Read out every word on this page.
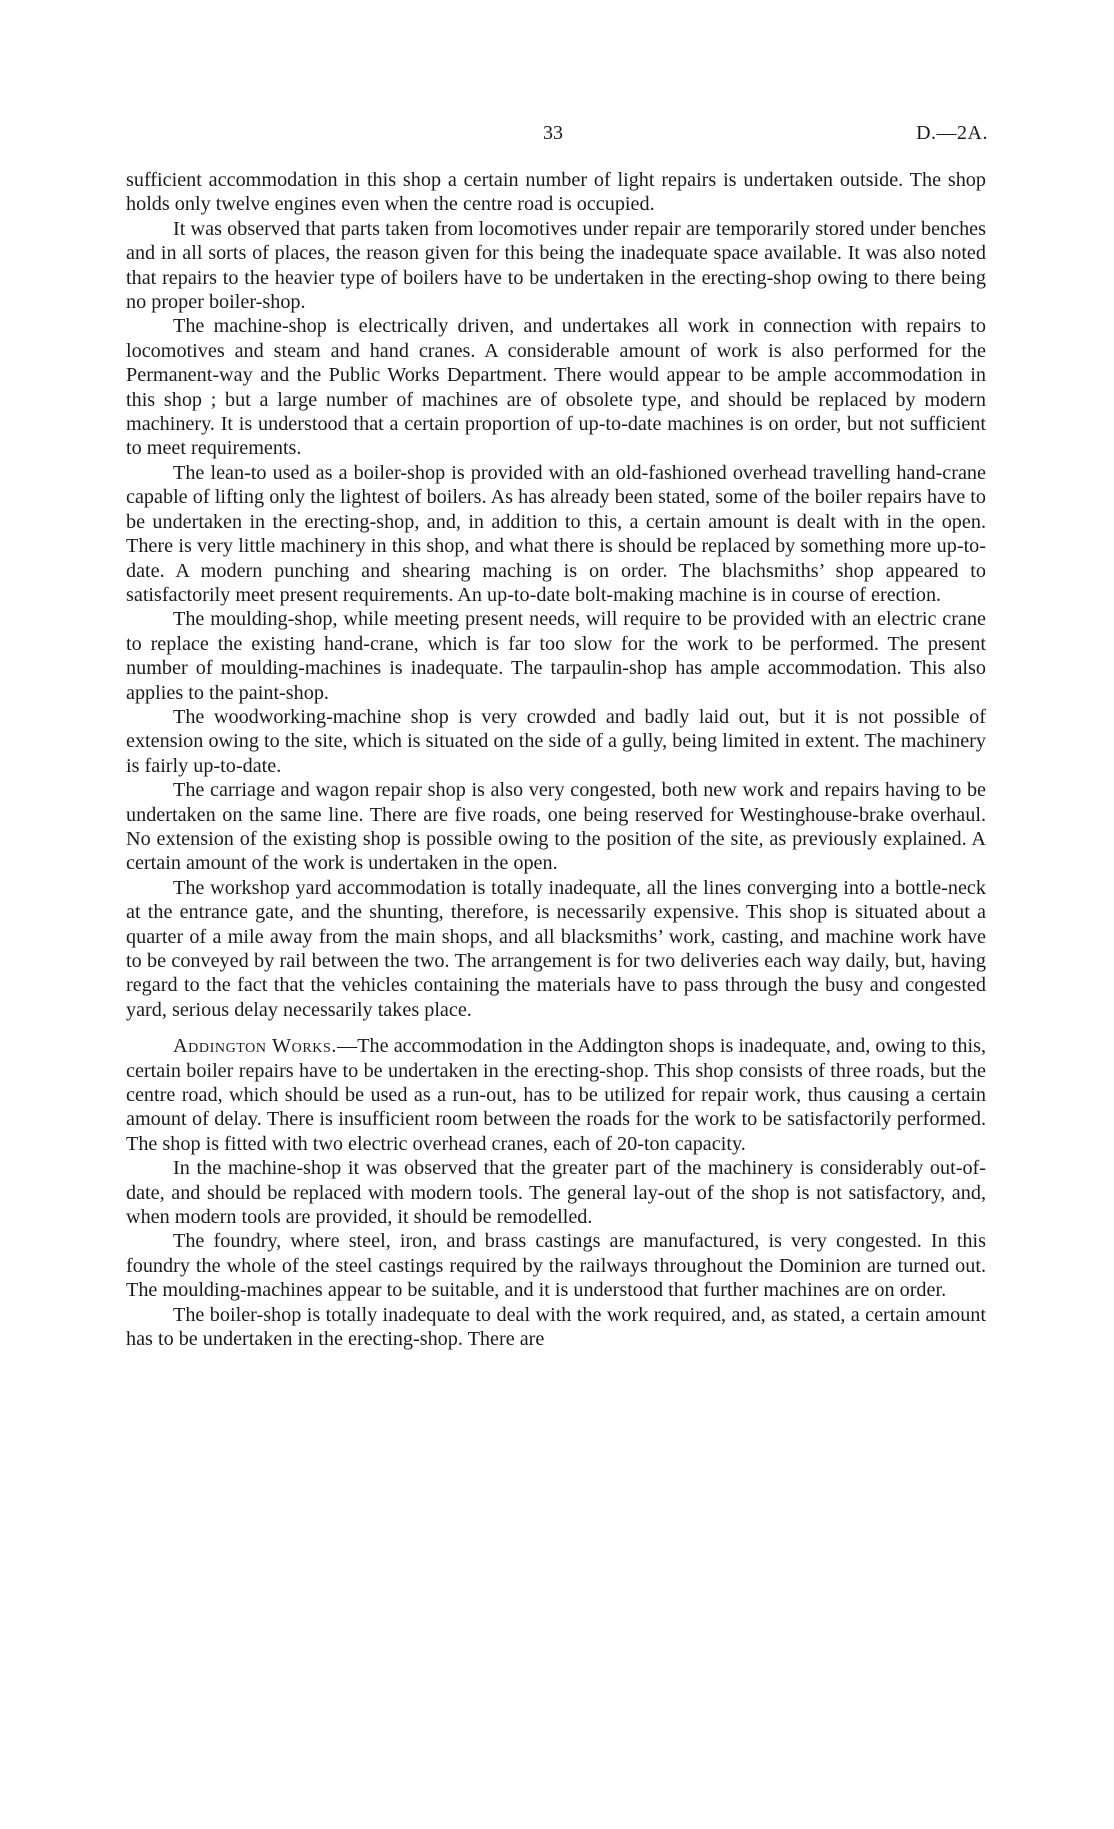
33	D.—2A.

sufficient accommodation in this shop a certain number of light repairs is undertaken outside. The shop holds only twelve engines even when the centre road is occupied.

It was observed that parts taken from locomotives under repair are temporarily stored under benches and in all sorts of places, the reason given for this being the inadequate space available. It was also noted that repairs to the heavier type of boilers have to be undertaken in the erecting-shop owing to there being no proper boiler-shop.

The machine-shop is electrically driven, and undertakes all work in connection with repairs to locomotives and steam and hand cranes. A considerable amount of work is also performed for the Permanent-way and the Public Works Department. There would appear to be ample accommodation in this shop ; but a large number of machines are of obsolete type, and should be replaced by modern machinery. It is understood that a certain proportion of up-to-date machines is on order, but not sufficient to meet requirements.

The lean-to used as a boiler-shop is provided with an old-fashioned overhead travelling hand-crane capable of lifting only the lightest of boilers. As has already been stated, some of the boiler repairs have to be undertaken in the erecting-shop, and, in addition to this, a certain amount is dealt with in the open. There is very little machinery in this shop, and what there is should be replaced by something more up-to-date. A modern punching and shearing maching is on order. The blachsmiths’ shop appeared to satisfactorily meet present requirements. An up-to-date bolt-making machine is in course of erection.

The moulding-shop, while meeting present needs, will require to be provided with an electric crane to replace the existing hand-crane, which is far too slow for the work to be performed. The present number of moulding-machines is inadequate. The tarpaulin-shop has ample accommodation. This also applies to the paint-shop.

The woodworking-machine shop is very crowded and badly laid out, but it is not possible of extension owing to the site, which is situated on the side of a gully, being limited in extent. The machinery is fairly up-to-date.

The carriage and wagon repair shop is also very congested, both new work and repairs having to be undertaken on the same line. There are five roads, one being reserved for Westinghouse-brake overhaul. No extension of the existing shop is possible owing to the position of the site, as previously explained. A certain amount of the work is undertaken in the open.

The workshop yard accommodation is totally inadequate, all the lines converging into a bottle-neck at the entrance gate, and the shunting, therefore, is necessarily expensive. This shop is situated about a quarter of a mile away from the main shops, and all blacksmiths’ work, casting, and machine work have to be conveyed by rail between the two. The arrangement is for two deliveries each way daily, but, having regard to the fact that the vehicles containing the materials have to pass through the busy and congested yard, serious delay necessarily takes place.

Addington Works.—The accommodation in the Addington shops is inadequate, and, owing to this, certain boiler repairs have to be undertaken in the erecting-shop. This shop consists of three roads, but the centre road, which should be used as a run-out, has to be utilized for repair work, thus causing a certain amount of delay. There is insufficient room between the roads for the work to be satisfactorily performed. The shop is fitted with two electric overhead cranes, each of 20-ton capacity.

In the machine-shop it was observed that the greater part of the machinery is considerably out-of-date, and should be replaced with modern tools. The general lay-out of the shop is not satisfactory, and, when modern tools are provided, it should be remodelled.

The foundry, where steel, iron, and brass castings are manufactured, is very congested. In this foundry the whole of the steel castings required by the railways throughout the Dominion are turned out. The moulding-machines appear to be suitable, and it is understood that further machines are on order.

The boiler-shop is totally inadequate to deal with the work required, and, as stated, a certain amount has to be undertaken in the erecting-shop. There are
